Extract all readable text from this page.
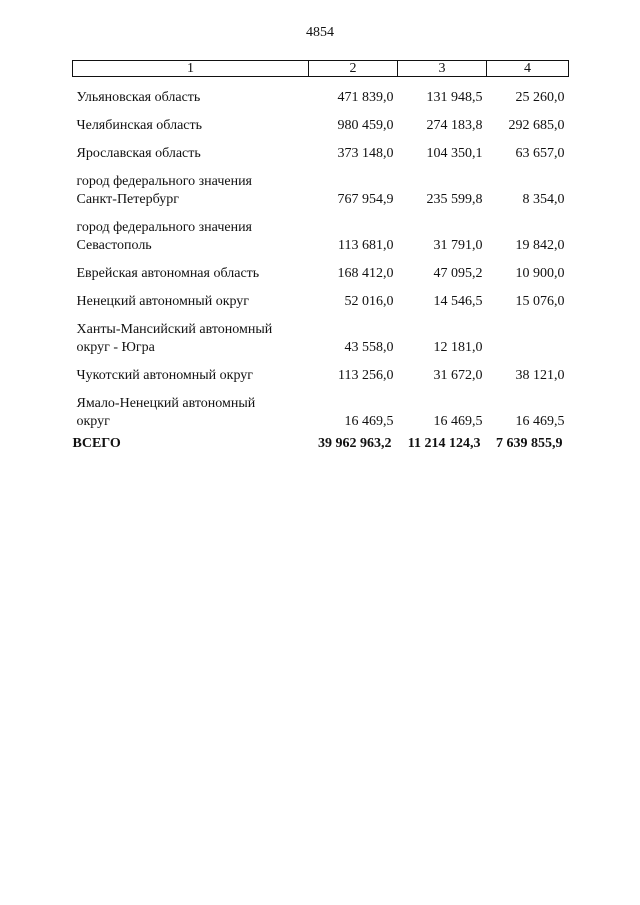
4854
1	2	3	4
Ульяновская область	471 839,0	131 948,5	25 260,0
Челябинская область	980 459,0	274 183,8	292 685,0
Ярославская область	373 148,0	104 350,1	63 657,0

город федерального значения
Санкт-Петербург	767 954,9	235 599,8	8 354,0

город федерального значения
Севастополь	113 681,0	31 791,0	19 842,0
Еврейская автономная область	168 412,0	47 095,2	10 900,0
Ненецкий автономный округ	52 016,0	14 546,5	15 076,0

Ханты-Мансийский автономный
округ - Югра	43 558,0	12 181,0	
Чукотский автономный округ	113 256,0	31 672,0	38 121,0

Ямало-Ненецкий автономный
округ	16 469,5	16 469,5	16 469,5
ВСЕГО	39 962 963,2	11 214 124,3	7 639 855,9
